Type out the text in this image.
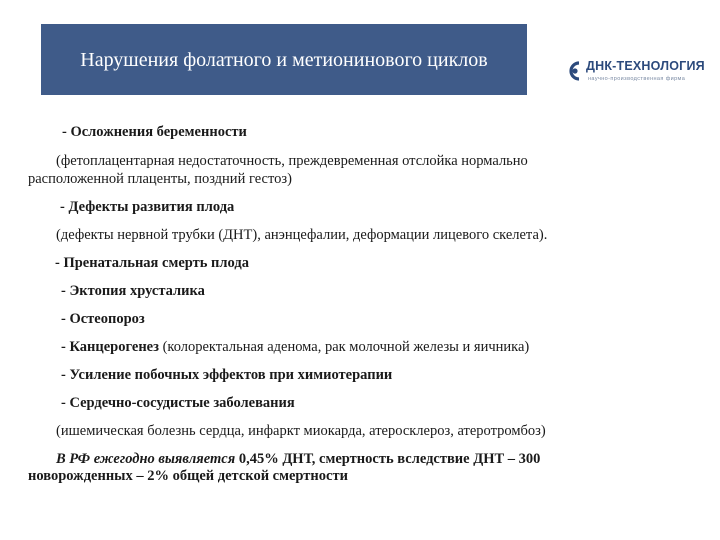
Нарушения фолатного и метионинового циклов	ДНК-ТЕХНОЛОГИЯ
научно-производственная фирма
- Осложнения беременности
(фетоплацентарная недостаточность, преждевременная отслойка нормально
расположенной плаценты, поздний гестоз)
- Дефекты развития плода
(дефекты нервной трубки (ДНТ), анэнцефалии, деформации лицевого скелета).
- Пренатальная смерть плода
- Эктопия хрусталика
- Остеопороз
- Канцерогенез (колоректальная аденома, рак молочной железы и яичника)
- Усиление побочных эффектов при химиотерапии
- Сердечно-сосудистые заболевания
(ишемическая болезнь сердца, инфаркт миокарда, атеросклероз, атеротромбоз)
В РФ ежегодно выявляется 0,45% ДНТ, смертность вследствие ДНТ – 300
новорожденных – 2% общей детской смертности
